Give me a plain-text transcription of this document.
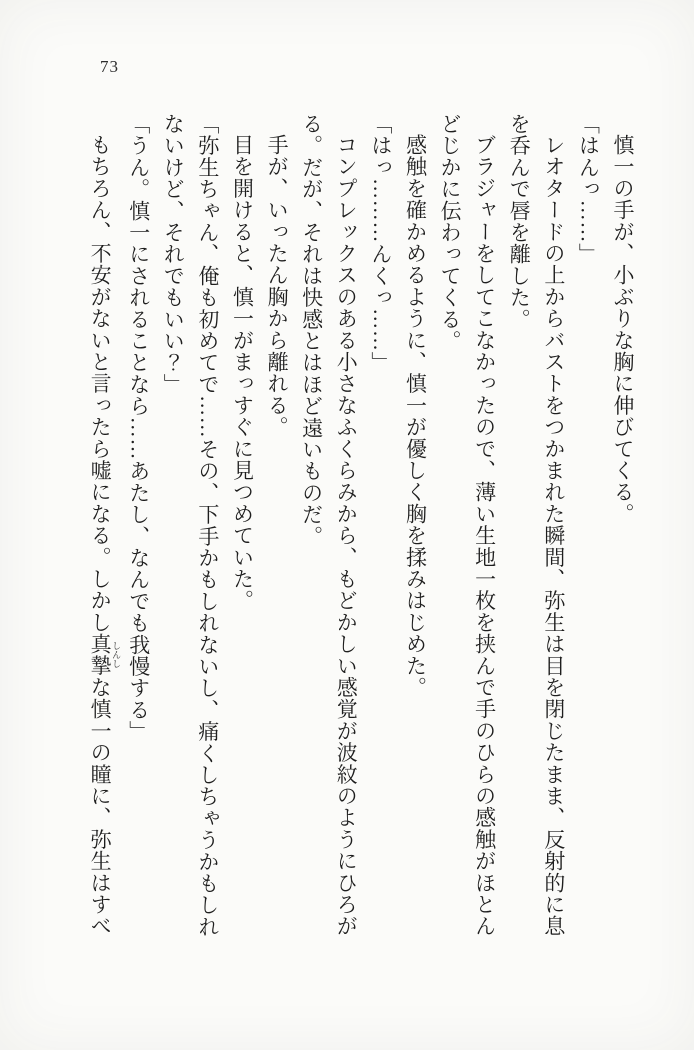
73
慎一の手が、小ぶりな胸に伸びてくる。
「はんっ……」
レオタードの上からバストをつかまれた瞬間、弥生は目を閉じたまま、反射的に息
を呑んで唇を離した。
ブラジャーをしてこなかったので、薄い生地一枚を挟んで手のひらの感触がほとん
どじかに伝わってくる。
感触を確かめるように、慎一が優しく胸を揉みはじめた。
「はっ………んくっ……」
コンプレックスのある小さなふくらみから、もどかしい感覚が波紋のようにひろが
る。だが、それは快感とはほど遠いものだ。
手が、いったん胸から離れる。
目を開けると、慎一がまっすぐに見つめていた。
「弥生ちゃん、俺も初めてで……その、下手かもしれないし、痛くしちゃうかもしれ
ないけど、それでもいい？」
「うん。慎一にされることなら……あたし、なんでも我慢する」
もちろん、不安がないと言ったら嘘になる。しかし真摯 しんしな慎一の瞳に、弥生はすべ
